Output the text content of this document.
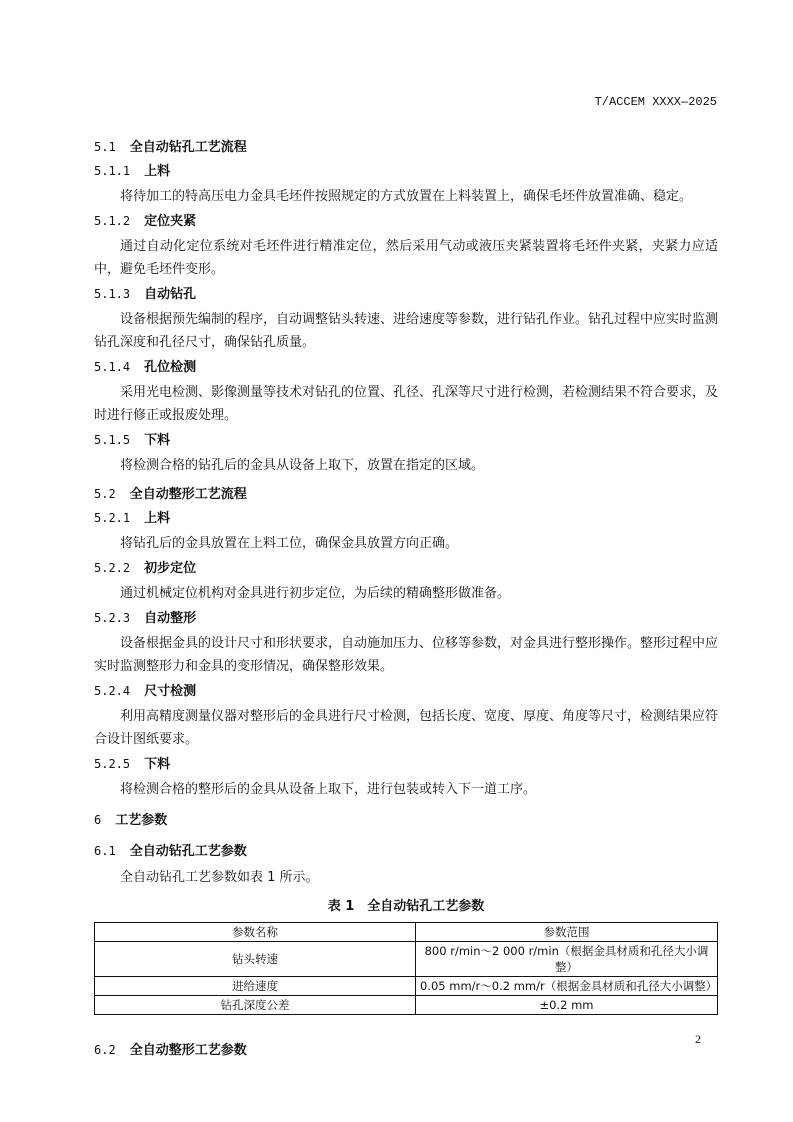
T/ACCEM XXXX—2025
5.1 全自动钻孔工艺流程
5.1.1 上料

将待加工的特高压电力金具毛坯件按照规定的方式放置在上料装置上，确保毛坯件放置准确、稳定。

5.1.2 定位夹紧

通过自动化定位系统对毛坯件进行精准定位，然后采用气动或液压夹紧装置将毛坯件夹紧，夹紧力应适中，避免毛坯件变形。

5.1.3 自动钻孔

设备根据预先编制的程序，自动调整钻头转速、进给速度等参数，进行钻孔作业。钻孔过程中应实时监测钻孔深度和孔径尺寸，确保钻孔质量。

5.1.4 孔位检测

采用光电检测、影像测量等技术对钻孔的位置、孔径、孔深等尺寸进行检测，若检测结果不符合要求，及时进行修正或报废处理。

5.1.5 下料

将检测合格的钻孔后的金具从设备上取下，放置在指定的区域。

5.2 全自动整形工艺流程
5.2.1 上料

将钻孔后的金具放置在上料工位，确保金具放置方向正确。

5.2.2 初步定位

通过机械定位机构对金具进行初步定位，为后续的精确整形做准备。

5.2.3 自动整形

设备根据金具的设计尺寸和形状要求，自动施加压力、位移等参数，对金具进行整形操作。整形过程中应实时监测整形力和金具的变形情况，确保整形效果。

5.2.4 尺寸检测

利用高精度测量仪器对整形后的金具进行尺寸检测，包括长度、宽度、厚度、角度等尺寸，检测结果应符合设计图纸要求。

5.2.5 下料

将检测合格的整形后的金具从设备上取下，进行包装或转入下一道工序。

6 工艺参数
6.1 全自动钻孔工艺参数

全自动钻孔工艺参数如表 1 所示。

表 1　全自动钻孔工艺参数
参数名称	参数范围
钻头转速	800 r/min～2 000 r/min（根据金具材质和孔径大小调整）
进给速度	0.05 mm/r～0.2 mm/r（根据金具材质和孔径大小调整）
钻孔深度公差	±0.2 mm
6.2 全自动整形工艺参数
2
